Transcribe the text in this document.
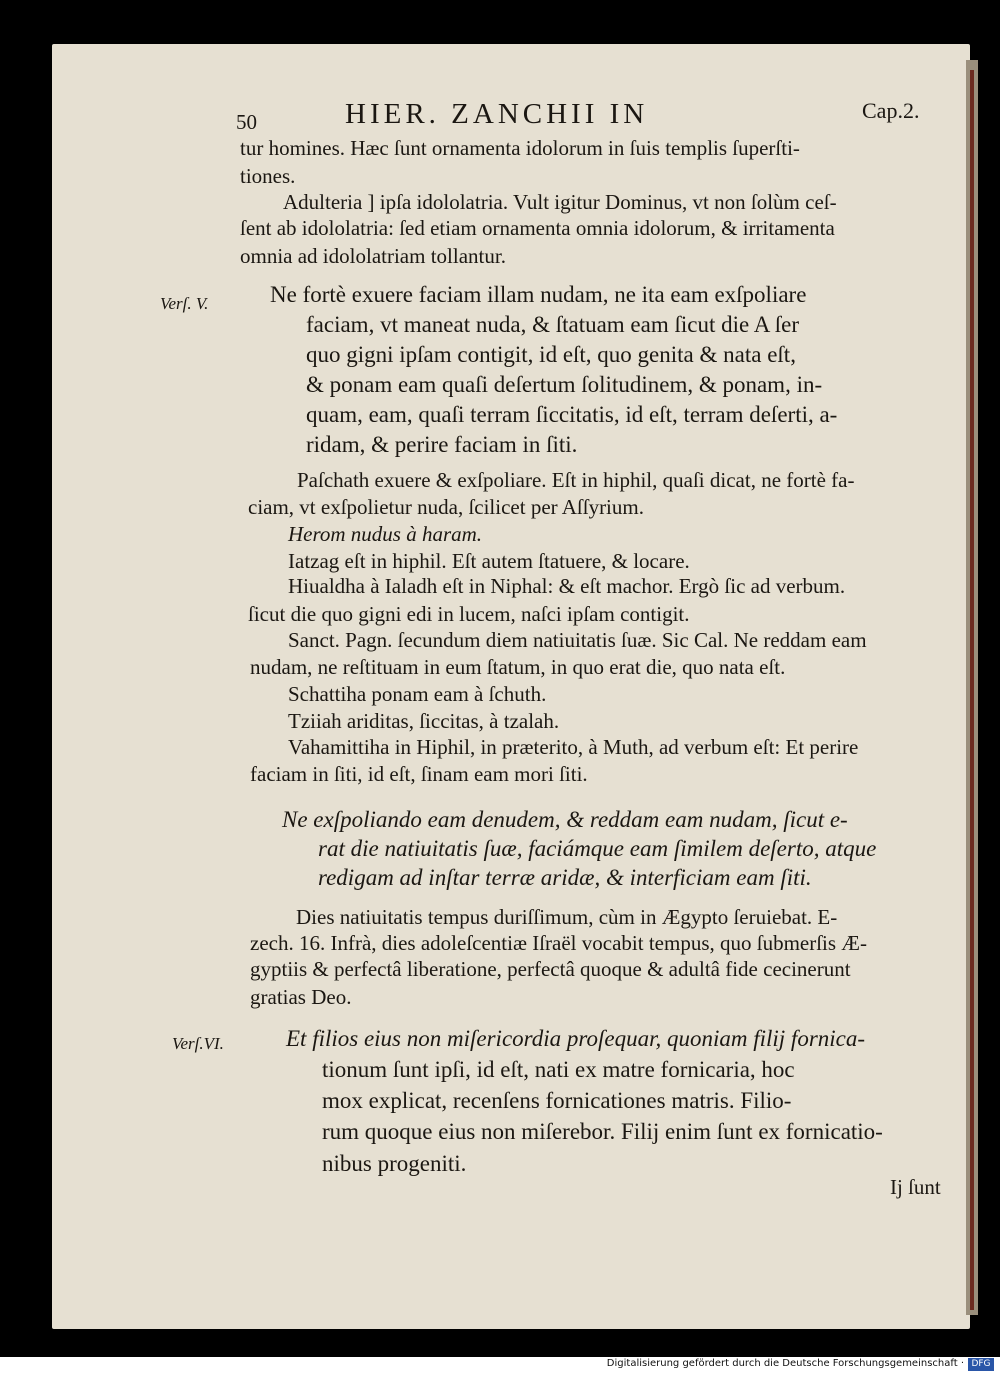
50	HIER. ZANCHII IN	Cap.2.
Verſ. V.
Verſ.VI.
tur homines. Hæc ſunt ornamenta idolorum in ſuis templis ſuperſti-
tiones.
Adulteria ] ipſa idololatria. Vult igitur Dominus, vt non ſolùm ceſ-
ſent ab idololatria: ſed etiam ornamenta omnia idolorum, & irritamenta
omnia ad idololatriam tollantur.
Ne fortè exuere faciam illam nudam, ne ita eam exſpoliare
faciam, vt maneat nuda, & ſtatuam eam ſicut die A ſer
quo gigni ipſam contigit, id eſt, quo genita & nata eſt,
& ponam eam quaſi deſertum ſolitudinem, & ponam, in-
quam, eam, quaſi terram ſiccitatis, id eſt, terram deſerti, a-
ridam, & perire faciam in ſiti.
Paſchath exuere & exſpoliare. Eſt in hiphil, quaſi dicat, ne fortè fa-
ciam, vt exſpolietur nuda, ſcilicet per Aſſyrium.
Herom nudus à haram.
Iatzag eſt in hiphil. Eſt autem ſtatuere, & locare.
Hiualdha à Ialadh eſt in Niphal: & eſt machor. Ergò ſic ad verbum.
ſicut die quo gigni edi in lucem, naſci ipſam contigit.
Sanct. Pagn. ſecundum diem natiuitatis ſuæ. Sic Cal. Ne reddam eam
nudam, ne reſtituam in eum ſtatum, in quo erat die, quo nata eſt.
Schattiha ponam eam à ſchuth.
Tziiah ariditas, ſiccitas, à tzalah.
Vahamittiha in Hiphil, in præterito, à Muth, ad verbum eſt: Et perire
faciam in ſiti, id eſt, ſinam eam mori ſiti.
Ne exſpoliando eam denudem, & reddam eam nudam, ſicut e-
rat die natiuitatis ſuæ, faciámque eam ſimilem deſerto, atque
redigam ad inſtar terræ aridæ, & interficiam eam ſiti.
Dies natiuitatis tempus duriſſimum, cùm in Ægypto ſeruiebat. E-
zech. 16. Infrà, dies adoleſcentiæ Iſraël vocabit tempus, quo ſubmerſis Æ-
gyptiis & perfectâ liberatione, perfectâ quoque & adultâ fide cecinerunt
gratias Deo.
Et filios eius non miſericordia proſequar, quoniam filij fornica-
tionum ſunt ipſi, id eſt, nati ex matre fornicaria, hoc
mox explicat, recenſens fornicationes matris. Filio-
rum quoque eius non miſerebor. Filij enim ſunt ex fornicatio-
nibus progeniti.
Ij ſunt
Digitalisierung gefördert durch die Deutsche Forschungsgemeinschaft · DFG
